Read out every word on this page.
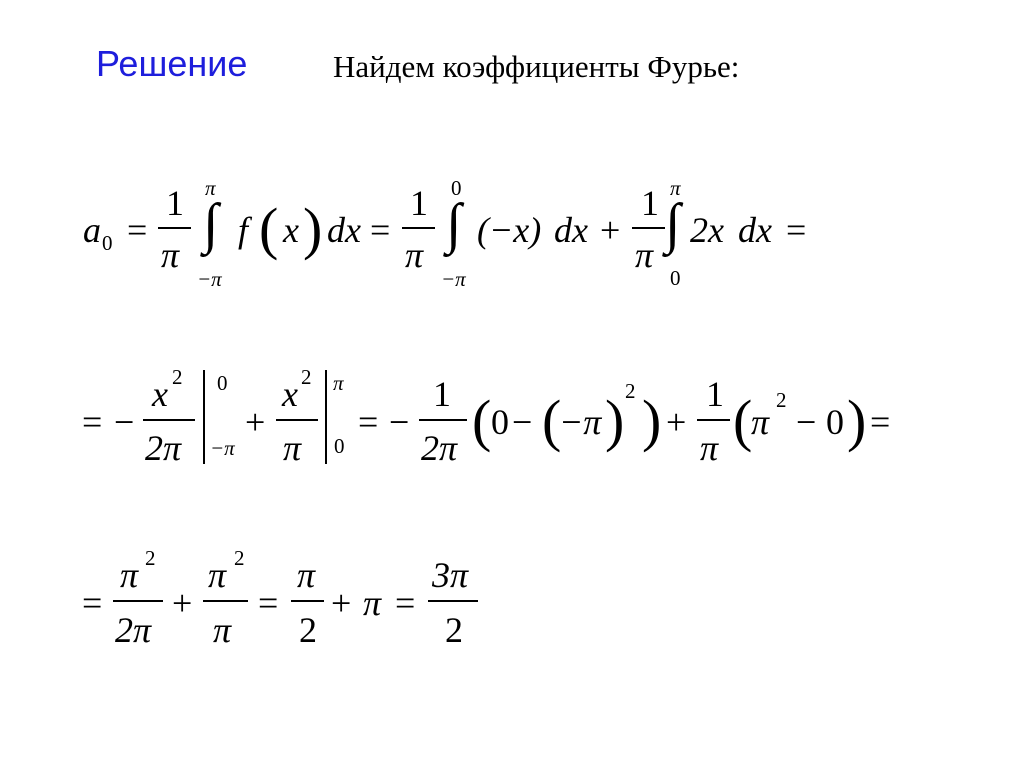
Решение	Найдем коэффициенты Фурье:
a 0 =
1
π
π
∫
−π
f ( x ) dx =
1
π
0
∫
−π
(−x) dx +
1
π
π
∫
0
2x dx =
= −
x 2
2π
0
−π
+
x 2
π
π
0
= −
1
2π ( 0 − (
−π ) 2 ) +
1
π (
π
2
− 0 ) =
=
π 2
2π
+
π 2
π
=
π
2
+ π =
3π
2
